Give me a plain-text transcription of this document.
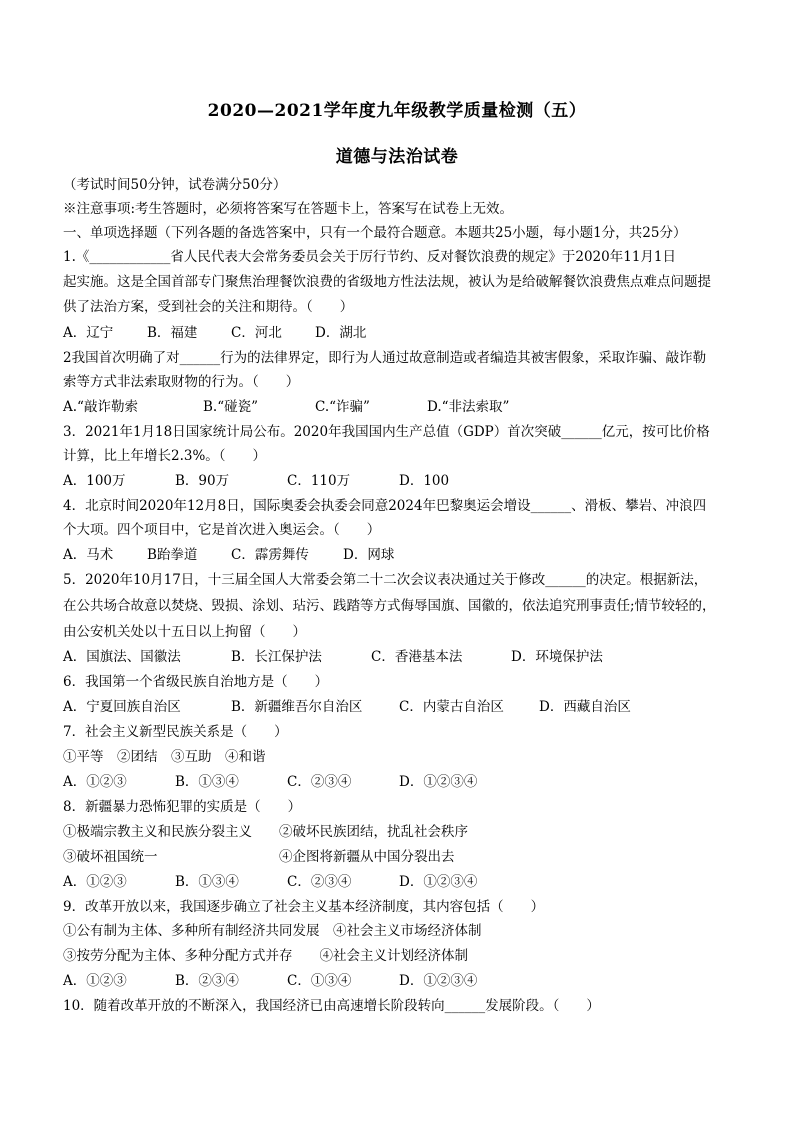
2020—2021学年度九年级教学质量检测（五）
道德与法治试卷
（考试时间50分钟，试卷满分50分）
※注意事项:考生答题时，必须将答案写在答题卡上，答案写在试卷上无效。
一、单项选择题（下列各题的备选答案中，只有一个最符合题意。本题共25小题，每小题1分，共25分）
1.《____________省人民代表大会常务委员会关于厉行节约、反对餐饮浪费的规定》于2020年11月1日
起实施。这是全国首部专门聚焦治理餐饮浪费的省级地方性法法规，被认为是给破解餐饮浪费焦点难点问题提
供了法治方案，受到社会的关注和期待。（　　）
A．辽宁	B．福建 C．河北 D．湖北
2我国首次明确了对______行为的法律界定，即行为人通过故意制造或者编造其被害假象，采取诈骗、敲诈勒
索等方式非法索取财物的行为。（　　）
A.“敲诈勒索	B.“碰瓷”	C.“诈骗”	D.“非法索取”
3．2021年1月18日国家统计局公布。2020年我国国内生产总值（GDP）首次突破______亿元，按可比价格
计算，比上年增长2.3%。（　　）
A．100万	B．90万	C．110万	D．100
4．北京时间2020年12月8日，国际奥委会执委会同意2024年巴黎奥运会增设______、滑板、攀岩、冲浪四
个大项。四个项目中，它是首次进入奥运会。（　　）
A．马术	B跆拳道 C．霹雳舞传	D．网球
5．2020年10月17日，十三届全国人大常委会第二十二次会议表决通过关于修改______的决定。根据新法，
在公共场合故意以焚烧、毁损、涂划、玷污、践踏等方式侮辱国旗、国徽的，依法追究刑事责任;情节较轻的，
由公安机关处以十五日以上拘留（　　）
A．国旗法、国徽法	B．长江保护法	C．香港基本法	D．环境保护法
6．我国第一个省级民族自治地方是（　　）
A．宁夏回族自治区	B．新疆维吾尔自治区	C．内蒙古自治区	D．西藏自治区
7．社会主义新型民族关系是（　　）
①平等　②团结　③互助　④和谐
A．①②③	B．①③④	C．②③④	D．①②③④
8．新疆暴力恐怖犯罪的实质是（　　）
①极端宗教主义和民族分裂主义　　②破坏民族团结，扰乱社会秩序
③破坏祖国统一　　　　　　　　　④企图将新疆从中国分裂出去
A．①②③	B．①③④	C．②③④	D．①②③④
9．改革开放以来，我国逐步确立了社会主义基本经济制度，其内容包括（　　）
①公有制为主体、多种所有制经济共同发展　④社会主义市场经济体制
③按劳分配为主体、多种分配方式并存　　④社会主义计划经济体制
A．①②③	B．②③④	C．①③④	D．①②③④
10．随着改革开放的不断深入，我国经济已由高速增长阶段转向______发展阶段。（　　）
